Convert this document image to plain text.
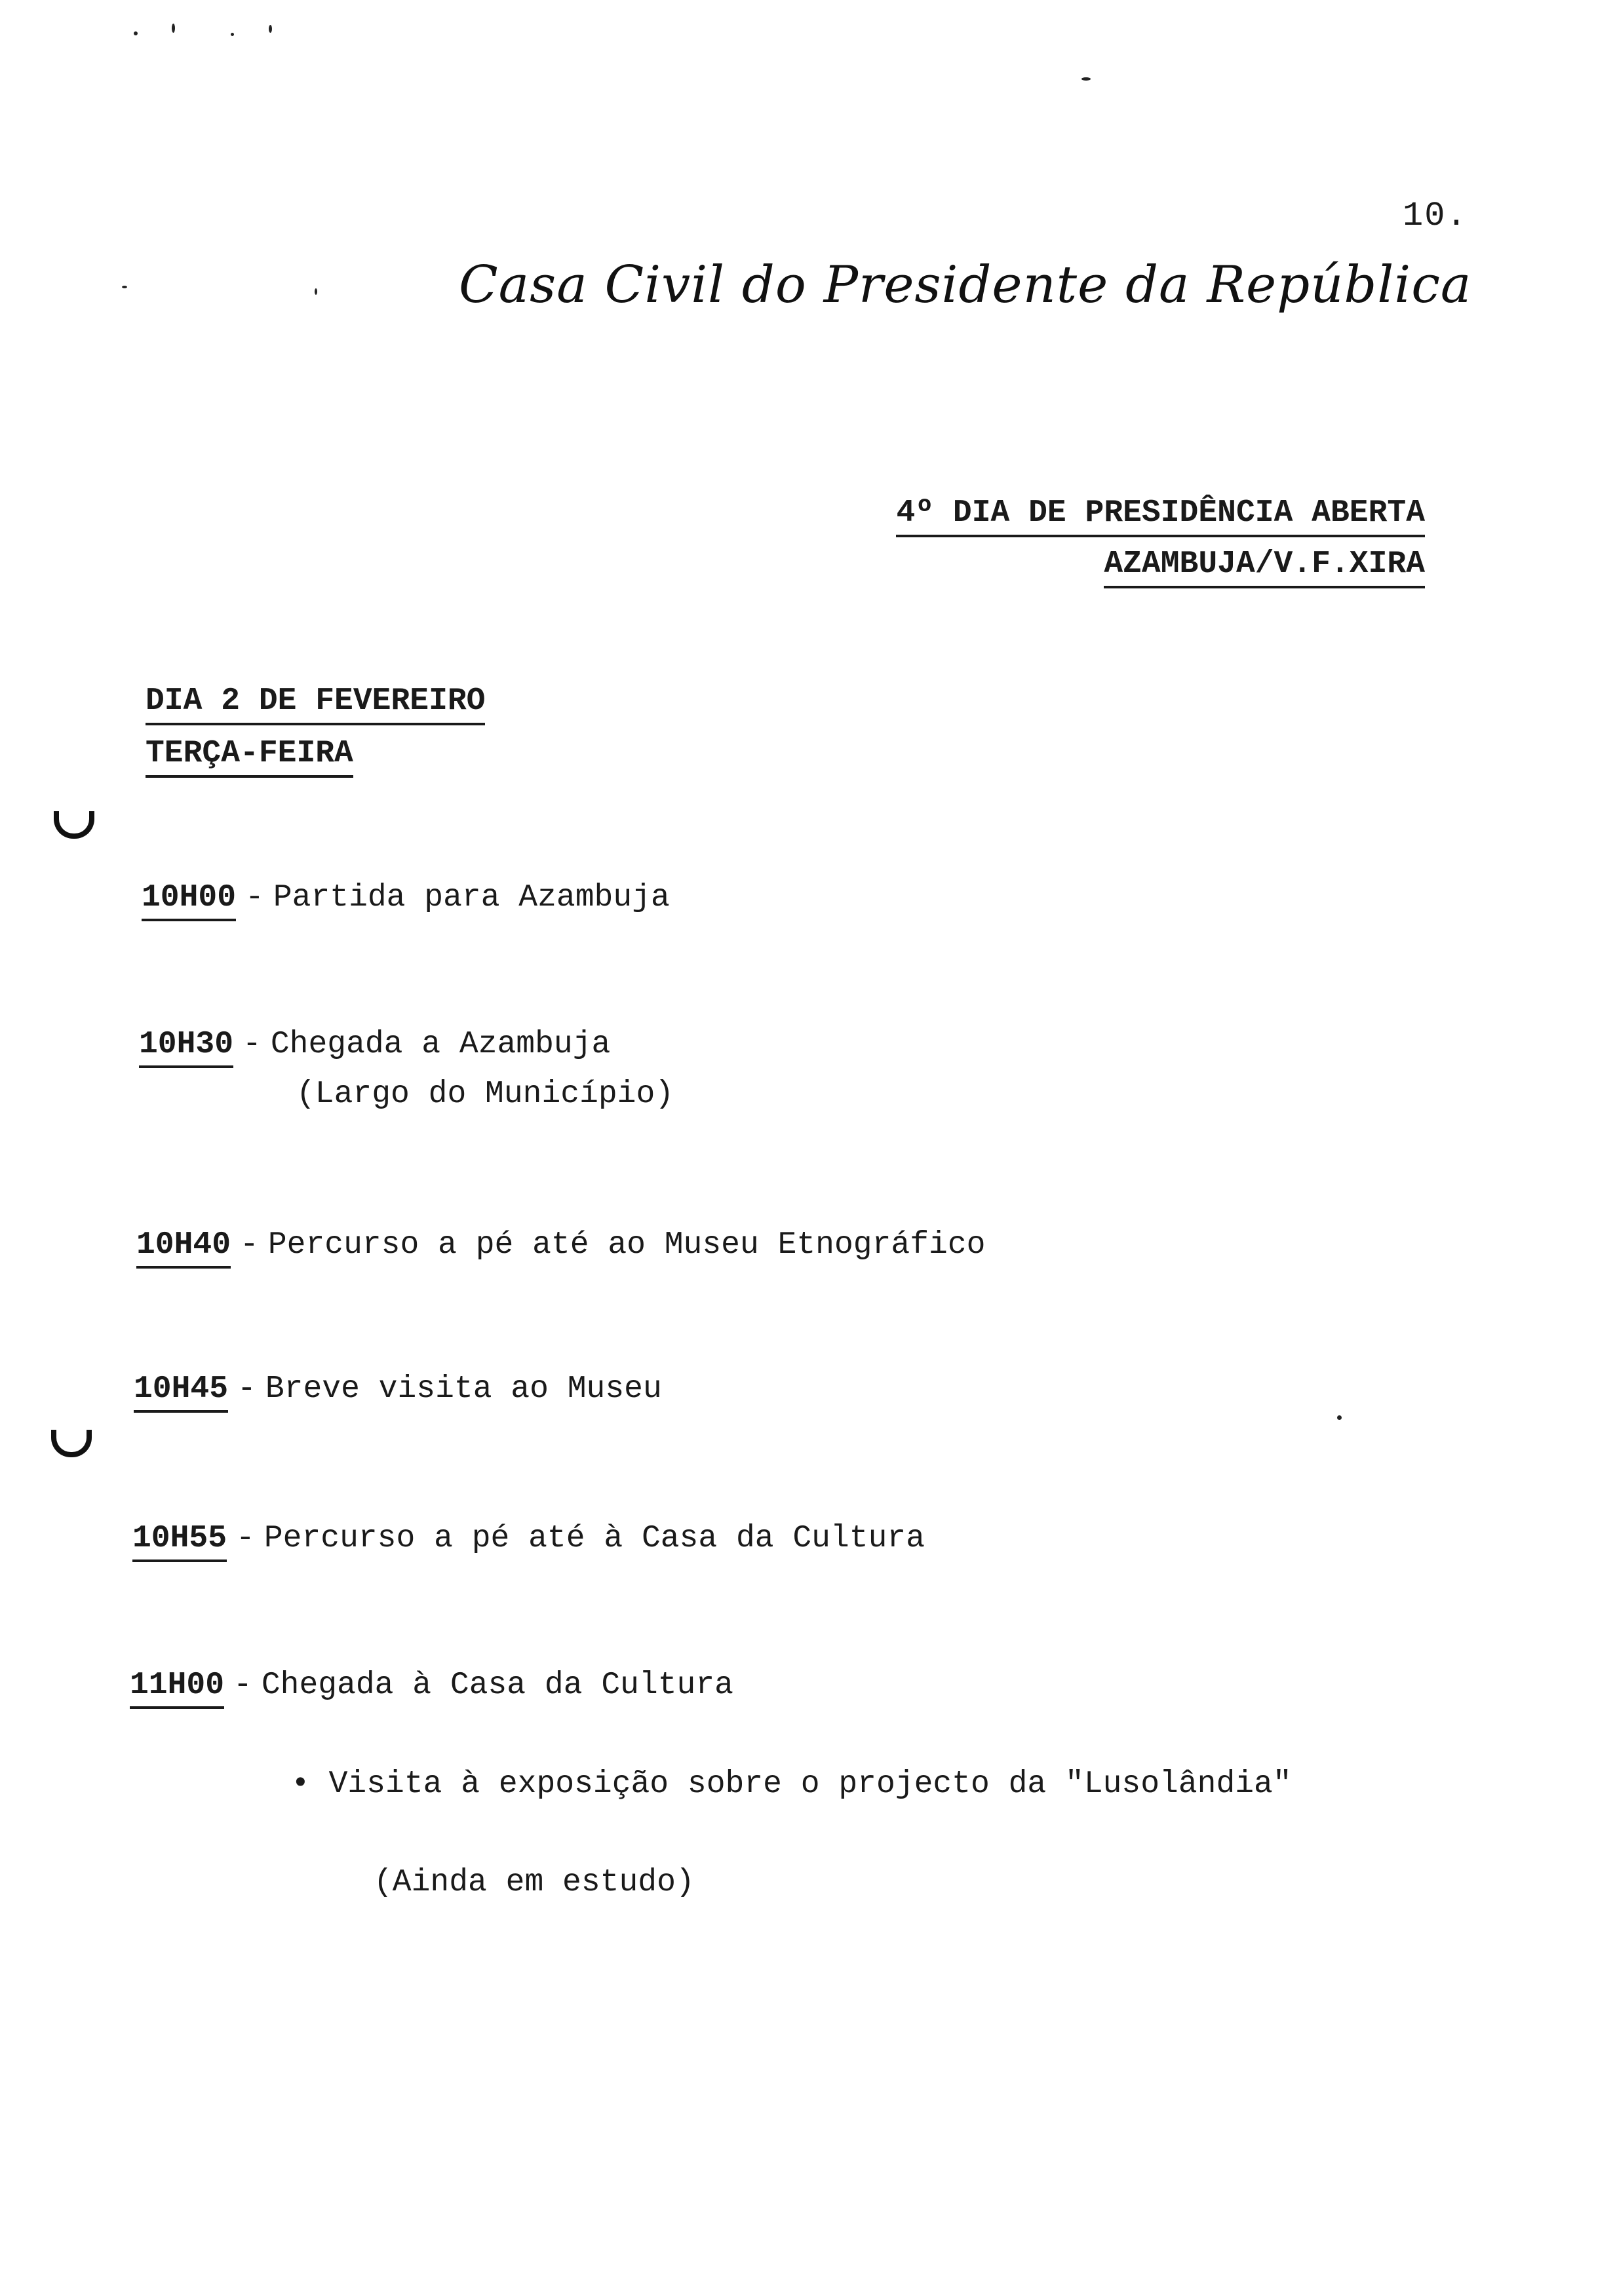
10.
Casa Civil do Presidente da República
4º DIA DE PRESIDÊNCIA ABERTA
AZAMBUJA/V.F.XIRA
DIA 2 DE FEVEREIRO
TERÇA-FEIRA
10H00 - Partida para Azambuja
10H30 - Chegada a Azambuja
(Largo do Município)
10H40 - Percurso a pé até ao Museu Etnográfico
10H45 - Breve visita ao Museu
10H55 - Percurso a pé até à Casa da Cultura
11H00 - Chegada à Casa da Cultura
• Visita à exposição sobre o projecto da "Lusolândia"
(Ainda em estudo)
